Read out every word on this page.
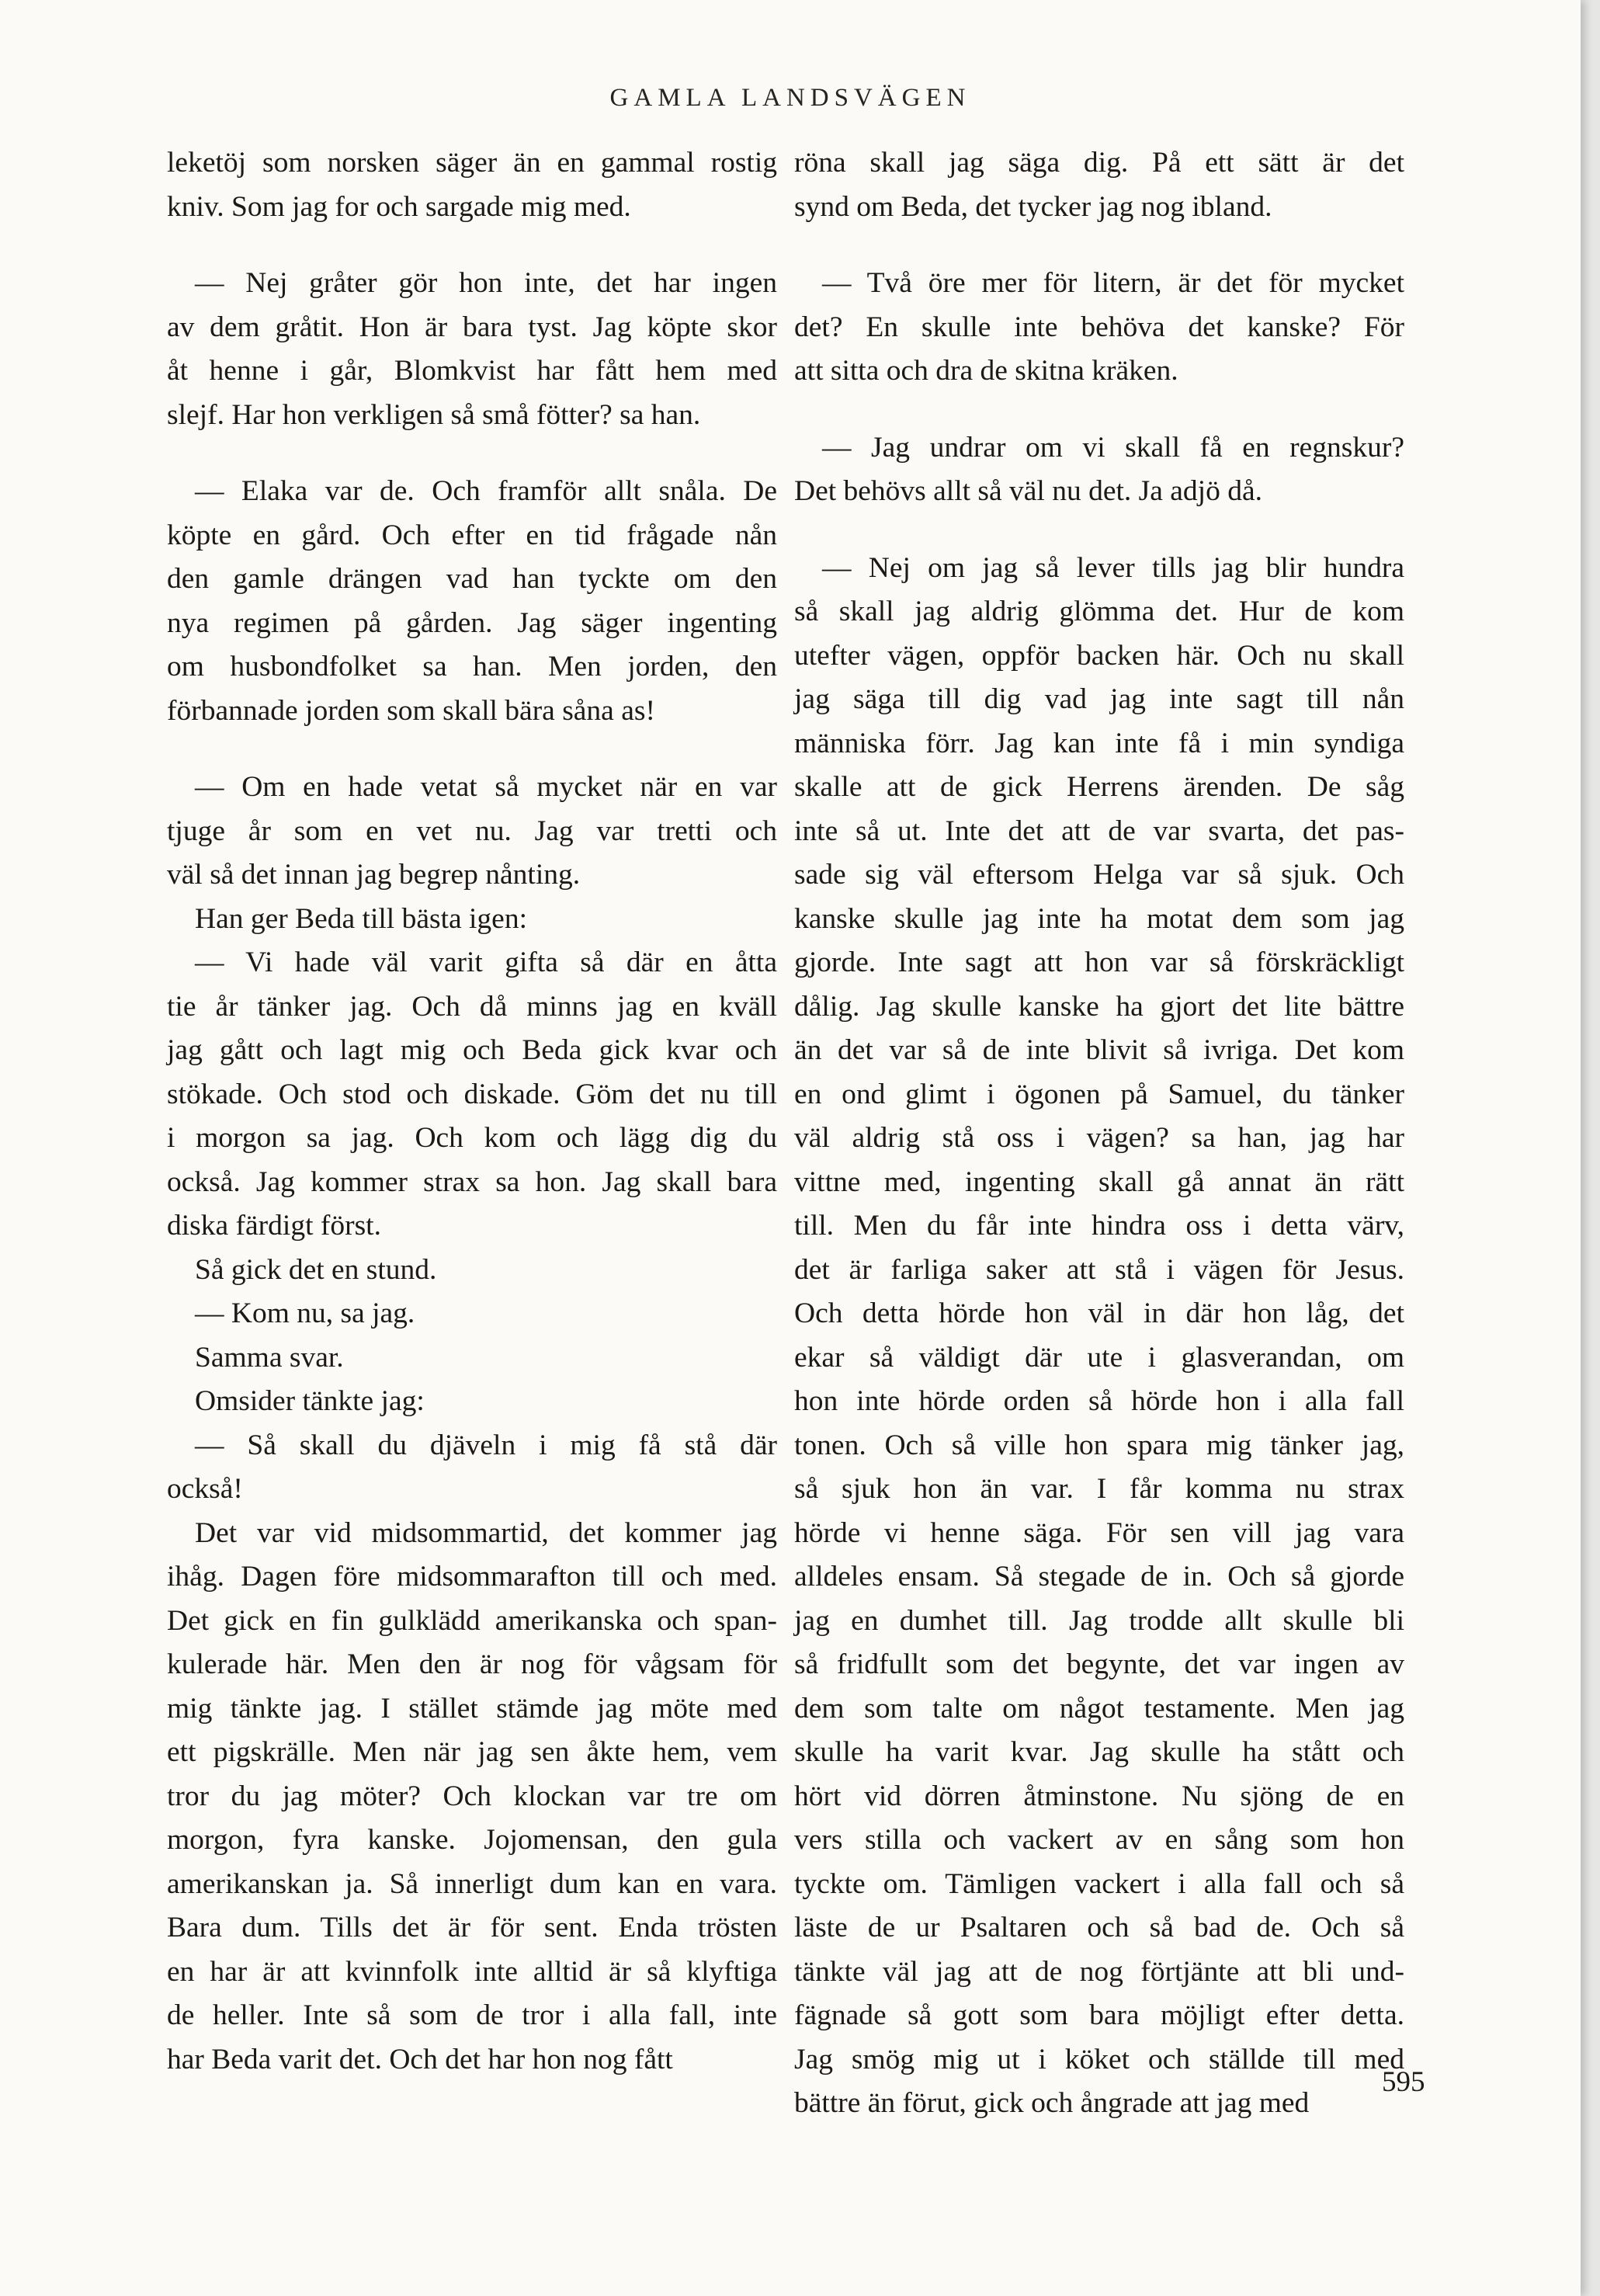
GAMLA LANDSVÄGEN
leketöj som norsken säger än en gammal rostig
kniv. Som jag for och sargade mig med.
— Nej gråter gör hon inte, det har ingen
av dem gråtit. Hon är bara tyst. Jag köpte skor
åt henne i går, Blomkvist har fått hem med
slejf. Har hon verkligen så små fötter? sa han.
— Elaka var de. Och framför allt snåla. De
köpte en gård. Och efter en tid frågade nån
den gamle drängen vad han tyckte om den
nya regimen på gården. Jag säger ingenting
om husbondfolket sa han. Men jorden, den
förbannade jorden som skall bära såna as!
— Om en hade vetat så mycket när en var
tjuge år som en vet nu. Jag var tretti och
väl så det innan jag begrep nånting.
Han ger Beda till bästa igen:
— Vi hade väl varit gifta så där en åtta
tie år tänker jag. Och då minns jag en kväll
jag gått och lagt mig och Beda gick kvar och
stökade. Och stod och diskade. Göm det nu till
i morgon sa jag. Och kom och lägg dig du
också. Jag kommer strax sa hon. Jag skall bara
diska färdigt först.
Så gick det en stund.
— Kom nu, sa jag.
Samma svar.
Omsider tänkte jag:
— Så skall du djäveln i mig få stå där
också!
Det var vid midsommartid, det kommer jag
ihåg. Dagen före midsommarafton till och med.
Det gick en fin gulklädd amerikanska och span-
kulerade här. Men den är nog för vågsam för
mig tänkte jag. I stället stämde jag möte med
ett pigskrälle. Men när jag sen åkte hem, vem
tror du jag möter? Och klockan var tre om
morgon, fyra kanske. Jojomensan, den gula
amerikanskan ja. Så innerligt dum kan en vara.
Bara dum. Tills det är för sent. Enda trösten
en har är att kvinnfolk inte alltid är så klyftiga
de heller. Inte så som de tror i alla fall, inte
har Beda varit det. Och det har hon nog fått
röna skall jag säga dig. På ett sätt är det
synd om Beda, det tycker jag nog ibland.
— Två öre mer för litern, är det för mycket
det? En skulle inte behöva det kanske? För
att sitta och dra de skitna kräken.
— Jag undrar om vi skall få en regnskur?
Det behövs allt så väl nu det. Ja adjö då.
— Nej om jag så lever tills jag blir hundra
så skall jag aldrig glömma det. Hur de kom
utefter vägen, oppför backen här. Och nu skall
jag säga till dig vad jag inte sagt till nån
människa förr. Jag kan inte få i min syndiga
skalle att de gick Herrens ärenden. De såg
inte så ut. Inte det att de var svarta, det pas-
sade sig väl eftersom Helga var så sjuk. Och
kanske skulle jag inte ha motat dem som jag
gjorde. Inte sagt att hon var så förskräckligt
dålig. Jag skulle kanske ha gjort det lite bättre
än det var så de inte blivit så ivriga. Det kom
en ond glimt i ögonen på Samuel, du tänker
väl aldrig stå oss i vägen? sa han, jag har
vittne med, ingenting skall gå annat än rätt
till. Men du får inte hindra oss i detta värv,
det är farliga saker att stå i vägen för Jesus.
Och detta hörde hon väl in där hon låg, det
ekar så väldigt där ute i glasverandan, om
hon inte hörde orden så hörde hon i alla fall
tonen. Och så ville hon spara mig tänker jag,
så sjuk hon än var. I får komma nu strax
hörde vi henne säga. För sen vill jag vara
alldeles ensam. Så stegade de in. Och så gjorde
jag en dumhet till. Jag trodde allt skulle bli
så fridfullt som det begynte, det var ingen av
dem som talte om något testamente. Men jag
skulle ha varit kvar. Jag skulle ha stått och
hört vid dörren åtminstone. Nu sjöng de en
vers stilla och vackert av en sång som hon
tyckte om. Tämligen vackert i alla fall och så
läste de ur Psaltaren och så bad de. Och så
tänkte väl jag att de nog förtjänte att bli und-
fägnade så gott som bara möjligt efter detta.
Jag smög mig ut i köket och ställde till med
bättre än förut, gick och ångrade att jag med
595
